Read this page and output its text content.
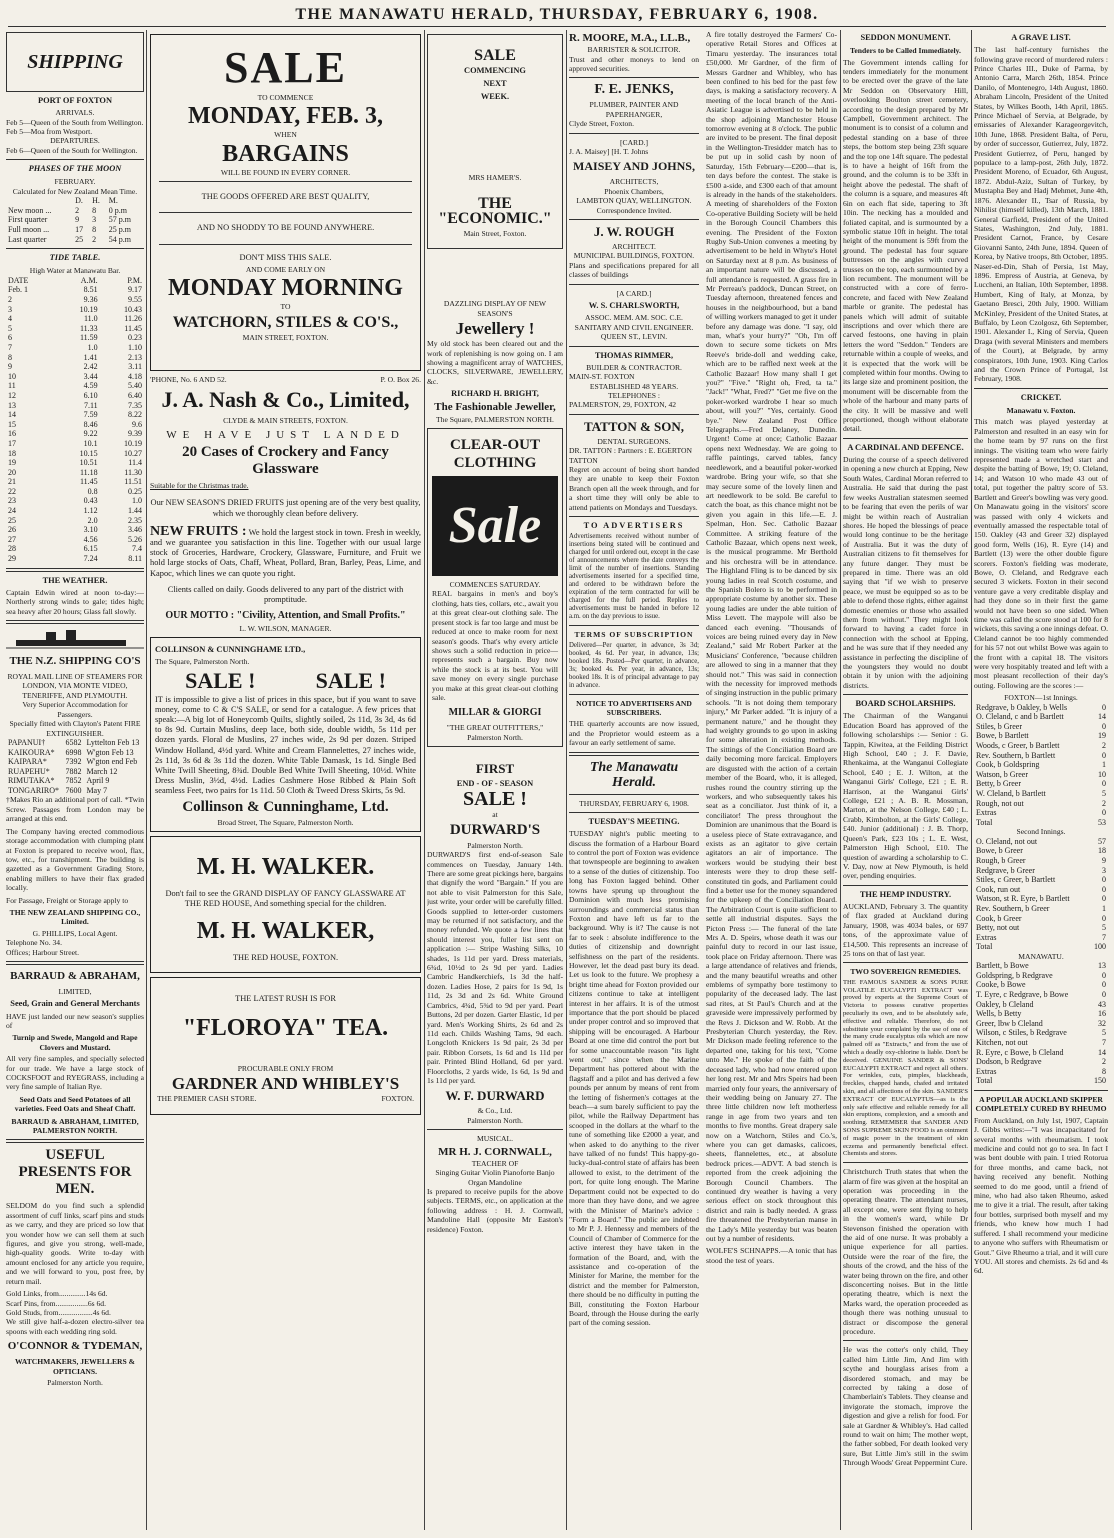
THE MANAWATU HERALD, THURSDAY, FEBRUARY 6, 1908.
SHIPPING
PORT OF FOXTON
ARRIVALS.
Feb 5—Queen of the South from Wellington.
Feb 5—Moa from Westport.
DEPARTURES.
Feb 6—Queen of the South for Wellington.
PHASES OF THE MOON
FEBRUARY.
Calculated for New Zealand Mean Time.
	D.	H.	M.
New moon ...	2	8	0 p.m
First quarter	9	3	57 p.m
Full moon ...	17	8	25 p.m
Last quarter	25	2	54 p.m
TIDE TABLE.
High Water at Manawatu Bar.
DATE	A.M.	P.M.
Feb. 1	8.51	9.17
2	9.36	9.55
3	10.19	10.43
4	11.0	11.26
5	11.33	11.45
6	11.59	0.23
7	1.0	1.10
8	1.41	2.13
9	2.42	3.11
10	3.44	4.18
11	4.59	5.40
12	6.10	6.40
13	7.11	7.35
14	7.59	8.22
15	8.46	9.6
16	9.22	9.39
17	10.1	10.19
18	10.15	10.27
19	10.51	11.4
20	11.18	11.30
21	11.45	11.51
22	0.8	0.25
23	0.43	1.0
24	1.12	1.44
25	2.0	2.35
26	3.10	3.46
27	4.56	5.26
28	6.15	7.4
29	7.24	8.11
THE WEATHER.

Captain Edwin wired at noon to-day:— Northerly strong winds to gale; tides high; sea heavy after 20 hours; Glass fall slowly.

THE N.Z. SHIPPING CO'S
ROYAL MAIL LINE OF STEAMERS FOR LONDON, VIA MONTE VIDEO, TENERIFFE, AND PLYMOUTH.
Very Superior Accommodation for Passengers.
Specially fitted with Clayton's Patent FIRE EXTINGUISHER.
PAPANUI†	6582	Lyttelton Feb 13
KAIKOURA*	6998	W'gton Feb 13
KAIPARA*	7392	W'gton end Feb
RUAPEHU*	7882	March 12
RIMUTAKA*	7852	April 9
TONGARIRO*	7600	May 7

†Makes Rio an additional port of call. *Twin Screw. Passages from London may be arranged at this end.

The Company having erected commodious storage accommodation with clumping plant at Foxton is prepared to receive wool, flax, tow, etc., for transhipment. The building is gazetted as a Government Grading Store, enabling millers to have their flax graded locally.

For Passage, Freight or Storage apply to

THE NEW ZEALAND SHIPPING CO., Limited.
G. PHILLIPS, Local Agent.
Telephone No. 34.
Offices; Harbour Street.
BARRAUD & ABRAHAM,
LIMITED,
Seed, Grain and General Merchants

HAVE just landed our new season's supplies of

Turnip and Swede, Mangold and Rape Clovers and Mustard.

All very fine samples, and specially selected for our trade. We have a large stock of COCKSFOOT and RYEGRASS, including a very fine sample of Italian Rye.

Seed Oats and Seed Potatoes of all varieties. Feed Oats and Sheaf Chaff.
BARRAUD & ABRAHAM, LIMITED, PALMERSTON NORTH.
USEFUL PRESENTS FOR MEN.

SELDOM do you find such a splendid assortment of cuff links, scarf pins and studs as we carry, and they are priced so low that you wonder how we can sell them at such figures, and give you strong, well-made, high-quality goods. Write to-day with amount enclosed for any article you require, and we will forward to you, post free, by return mail.

Gold Links, from..............14s 6d.
Scarf Pins, from.................6s 6d.
Gold Studs, from..................4s 6d.

We still give half-a-dozen electro-silver tea spoons with each wedding ring sold.

O'CONNOR & TYDEMAN,
WATCHMAKERS, JEWELLERS & OPTICIANS.
Palmerston North.
SALE
TO COMMENCE
MONDAY, FEB. 3,
WHEN
BARGAINS
WILL BE FOUND IN EVERY CORNER.
THE GOODS OFFERED ARE BEST QUALITY,
AND NO SHODDY TO BE FOUND ANYWHERE.
DON'T MISS THIS SALE.
AND COME EARLY ON
MONDAY MORNING
TO
WATCHORN, STILES & CO'S.,
MAIN STREET, FOXTON.
'PHONE, No. 6 AND 52.	P. O. Box 26.
J. A. Nash & Co., Limited,
CLYDE & MAIN STREETS, FOXTON.
WE HAVE JUST LANDED
20 Cases of Crockery and Fancy Glassware
Suitable for the Christmas trade.

Our NEW SEASON'S DRIED FRUITS just opening are of the very best quality, which we thoroughly clean before delivery.

NEW FRUITS : We hold the largest stock in town. Fresh in weekly, and we guarantee you satisfaction in this line. Together with our usual large stock of Groceries, Hardware, Crockery, Glassware, Furniture, and Fruit we hold large stocks of Oats, Chaff, Wheat, Pollard, Bran, Barley, Peas, Lime, and Kapoc, which lines we can quote you right.

Clients called on daily. Goods delivered to any part of the district with promptitude.

OUR MOTTO : "Civility, Attention, and Small Profits."
L. W. WILSON, MANAGER.
COLLINSON & CUNNINGHAME LTD.,
The Square, Palmerston North.
SALE !	SALE !

IT is impossible to give a list of prices in this space, but if you want to save money, come to C & C'S SALE, or send for a catalogue. A few prices that speak:—A big lot of Honeycomb Quilts, slightly soiled, 2s 11d, 3s 3d, 4s 6d to 8s 9d. Curtain Muslins, deep lace, both side, double width, 5s 11d per dozen yards. Floral de Muslins, 27 inches wide, 2s 9d per dozen. Striped Window Holland, 4½d yard. White and Cream Flannelettes, 27 inches wide, 2s 11d, 3s 6d & 3s 11d the dozen. White Table Damask, 1s 1d. Single Bed White Twill Sheeting, 8¾d. Double Bed White Twill Sheeting, 10½d. White Dress Muslin, 3½d, 4½d. Ladies Cashmere Hose Ribbed & Plain Soft seamless Feet, two pairs for 1s 11d. 50 Cloth & Tweed Dress Skirts, 5s 9d.

Collinson & Cunninghame, Ltd.
Broad Street, The Square, Palmerston North.
M. H. WALKER.

Don't fail to see the GRAND DISPLAY OF FANCY GLASSWARE AT THE RED HOUSE, And something special for the children.

M. H. WALKER,
THE RED HOUSE, FOXTON.
THE LATEST RUSH IS FOR
"FLOROYA" TEA.
PROCURABLE ONLY FROM
GARDNER AND WHIBLEY'S
THE PREMIER CASH STORE.	FOXTON.
SALE
COMMENCING
NEXT
WEEK.
MRS HAMER'S.
THE "ECONOMIC."
Main Street, Foxton.
DAZZLING DISPLAY OF NEW SEASON'S
Jewellery !

My old stock has been cleared out and the work of replenishing is now going on. I am showing a magnificent array of WATCHES, CLOCKS, SILVERWARE, JEWELLERY, &c.

RICHARD H. BRIGHT,
The Fashionable Jeweller,
The Square, PALMERSTON NORTH.
CLEAR-OUT CLOTHING
Sale
COMMENCES SATURDAY.

REAL bargains in men's and boy's clothing, hats ties, collars, etc., await you at this great clear-out clothing sale. The present stock is far too large and must be reduced at once to make room for next season's goods. That's why every article shows such a solid reduction in price—represents such a bargain. Buy now while the stock is at its best. You will save money on every single purchase you make at this great clear-out clothing sale.

MILLAR & GIORGI
"THE GREAT OUTFITTERS,"
Palmerston North.
FIRST
END - OF - SEASON
SALE !
at
DURWARD'S
Palmerston North.

DURWARD'S first end-of-season Sale commences on Tuesday, January 14th. There are some great pickings here, bargains that dignify the word "Bargain." If you are not able to visit Palmerston for this Sale, just write, your order will be carefully filled. Goods supplied to letter-order customers may be returned if not satisfactory, and the money refunded. We quote a few lines that should interest you, fuller list sent on application :— Stripe Washing Silks, 10 shades, 1s 11d per yard. Dress materials, 6¾d, 10½d to 2s 9d per yard. Ladies Cambric Handkerchiefs, 1s 3d the half-dozen. Ladies Hose, 2 pairs for 1s 9d, 1s 11d, 2s 3d and 2s 6d. White Ground Cambrics, 4¾d, 5¾d to 9d per yard. Pearl Buttons, 2d per dozen. Garter Elastic, 1d per yard. Men's Working Shirts, 2s 6d and 2s 11d each. Childs Washing Tams, 9d each. Longcloth Knickers 1s 9d pair, 2s 3d per pair. Ribbon Corsets, 1s 6d and 1s 11d per pair. Printed Blind Holland, 6d per yard. Floorcloths, 2 yards wide, 1s 6d, 1s 9d and 1s 11d per yard.

W. F. DURWARD
& Co., Ltd.
Palmerston North.
MUSICAL.
MR H. J. CORNWALL,
TEACHER OF
Singing Guitar Violin Pianoforte Banjo Organ Mandoline

Is prepared to receive pupils for the above subjects. TERMS, etc., on application at the following address : H. J. Cornwall, Mandoline Hall (opposite Mr Easton's residence) Foxton.

R. MOORE, M.A., LL.B.,
BARRISTER & SOLICITOR.

Trust and other moneys to lend on approved securities.

F. E. JENKS,
PLUMBER, PAINTER AND PAPERHANGER,
Clyde Street, Foxton.
[CARD.]
J. A. Maisey] [H. T. Johns
MAISEY AND JOHNS,
ARCHITECTS,
Phoenix Chambers,
LAMBTON QUAY, WELLINGTON.
Correspondence Invited.
J. W. ROUGH
ARCHITECT.
MUNICIPAL BUILDINGS, FOXTON.

Plans and specifications prepared for all classes of buildings

[A CARD.]
W. S. CHARLSWORTH,
ASSOC. MEM. AM. SOC. C.E.
SANITARY AND CIVIL ENGINEER.
QUEEN ST., LEVIN.
THOMAS RIMMER,
BUILDER & CONTRACTOR.
MAIN-ST. FOXTON
ESTABLISHED 48 YEARS.
TELEPHONES :
PALMERSTON, 29, FOXTON, 42
TATTON & SON,
DENTAL SURGEONS.
DR. TATTON : Partners : E. EGERTON TATTON

Regret on account of being short handed they are unable to keep their Foxton Branch open all the week through, and for a short time they will only be able to attend patients on Mondays and Tuesdays.

TO ADVERTISERS

Advertisements received without number of insertions being stated will be continued and charged for until ordered out, except in the case of announcements where the date conveys the limit of the number of insertions. Standing advertisements inserted for a specified time, and ordered to be withdrawn before the expiration of the term contracted for will be charged for the full period. Replies to advertisements must be handed in before 12 a.m. on the day previous to issue.

TERMS OF SUBSCRIPTION

Delivered—Per quarter, in advance, 3s 3d; booked, 4s 6d. Per year, in advance, 13s; booked 18s. Posted—Per quarter, in advance, 3s; booked 4s. Per year, in advance, 13s; booked 18s. It is of principal advantage to pay in advance.

NOTICE TO ADVERTISERS AND SUBSCRIBERS.

THE quarterly accounts are now issued, and the Proprietor would esteem as a favour an early settlement of same.

The Manawatu Herald.
THURSDAY, FEBRUARY 6, 1908.
TUESDAY'S MEETING.

TUESDAY night's public meeting to discuss the formation of a Harbour Board to control the port of Foxton was evidence that townspeople are beginning to awaken to a sense of the duties of citizenship. Too long has Foxton lagged behind. Other towns have sprung up throughout the Dominion with much less promising surroundings and commercial status than Foxton and have left us far to the background. Why is it? The cause is not far to seek : absolute indifference to the duties of citizenship and downright selfishness on the part of the residents. However, let the dead past bury its dead. Let us look to the future. We prophesy a bright time ahead for Foxton provided our citizens continue to take at intelligent interest in her affairs. It is of the utmost importance that the port should be placed under proper control and so improved that shipping will be encouraged. A Harbour Board at one time did control the port but for some unaccountable reason "its light went out," since when the Marine Department has pottered about with the flagstaff and a pilot and has derived a few pounds per annum by means of rent from the letting of fishermen's cottages at the beach—a sum barely sufficient to pay the pilot, while the Railway Department has scooped in the dollars at the wharf to the tune of something like £2000 a year, and when asked to do anything to the river have talked of no funds! This happy-go-lucky-dual-control state of affairs has been allowed to exist, to the detriment of the port, for quite long enough. The Marine Department could not be expected to do more than they have done, and we agree with the Minister of Marine's advice : "Form a Board." The public are indebted to Mr P. J. Hennessy and members of the Council of Chamber of Commerce for the active interest they have taken in the formation of the Board, and, with the assistance and co-operation of the Minister for Marine, the member for the district and the member for Palmerston, there should be no difficulty in putting the Bill, constituting the Foxton Harbour Board, through the House during the early part of the coming session.

A fire totally destroyed the Farmers' Co-operative Retail Stores and Offices at Timaru yesterday. The insurances total £50,000. Mr Gardner, of the firm of Messrs Gardner and Whibley, who has been confined to his bed for the past few days, is making a satisfactory recovery. A meeting of the local branch of the Anti-Asiatic League is advertised to be held in the shop adjoining Manchester House tomorrow evening at 8 o'clock. The public are invited to be present. The final deposit in the Wellington-Tresidder match has to be put up in solid cash by noon of Saturday, 15th February—£200—that is, ten days before the contest. The stake is £500 a-side, and £300 each of that amount is already in the hands of the stakeholders. A meeting of shareholders of the Foxton Co-operative Building Society will be held in the Borough Council Chambers this evening. The President of the Foxton Rugby Sub-Union convenes a meeting by advertisement to be held in Whyte's Hotel on Saturday next at 8 p.m. As business of an important nature will be discussed, a full attendance is requested. A grass fire in Mr Perreau's paddock, Duncan Street, on Tuesday afternoon, threatened fences and houses in the neighbourhood, but a band of willing workers managed to get it under before any damage was done. "I say, old man, what's your hurry?" "Oh, I'm off down to secure some tickets on Mrs Reeve's bride-doll and wedding cake, which are to be raffled next week at the Catholic Bazaar! How many shall I get you?" "Five." "Right oh, Fred, ta ta." "Jack!" "What, Fred?" "Get me five on the poker-worked wardrobe I hear so much about, will you?" "Yes, certainly. Good bye." New Zealand Post Office Telegraphs.—Fred Delaney, Dunedin. Urgent! Come at once; Catholic Bazaar opens next Wednesday. We are going to raffle paintings, carved tables, fancy needlework, and a beautiful poker-worked wardrobe. Bring your wife, so that she may secure some of the lovely linen and art needlework to be sold. Be careful to catch the boat, as this chance might not be given you again in this life.—E. J. Spelman, Hon. Sec. Catholic Bazaar Committee. A striking feature of the Catholic Bazaar, which opens next week, is the musical programme. Mr Berthold and his orchestra will be in attendance. The Highland Fling is to be danced by six young ladies in real Scotch costume, and the Spanish Bolero is to be performed in appropriate costume by another six. These young ladies are under the able tuition of Miss Levett. The maypole will also be danced each evening. "Thousands of voices are being ruined every day in New Zealand," said Mr Robert Parker at the Musicians' Conference, "because children are allowed to sing in a manner that they should not." This was said in connection with the necessity for improved methods of singing instruction in the public primary schools. "It is not doing them temporary injury," Mr Parker added. "It is injury of a permanent nature," and he thought they had weighty grounds to go upon in asking for some alteration in existing methods. The sittings of the Conciliation Board are daily becoming more farcical. Employers are disgusted with the action of a certain member of the Board, who, it is alleged, rushes round the country stirring up the workers, and who subsequently takes his seat as a conciliator. Just think of it, a conciliator! The press throughout the Dominion are unanimous that the Board is a useless piece of State extravagance, and exists as an agitator to give certain agitators an air of importance. The workers would be studying their best interests were they to drop these self-constituted tin gods, and Parliament could find a better use for the money squandered for the upkeep of the Conciliation Board. The Arbitration Court is quite sufficient to settle all industrial disputes. Says the Picton Press :— The funeral of the late Mrs A. D. Speirs, whose death it was our painful duty to record in our last issue, took place on Friday afternoon. There was a large attendance of relatives and friends, and the many beautiful wreaths and other emblems of sympathy bore testimony to popularity of the deceased lady. The last sad rites, at St Paul's Church and at the graveside were impressively performed by the Revs J. Dickson and W. Robb. At the Presbyterian Church yesterday, the Rev. Mr Dickson made feeling reference to the departed one, taking for his text, "Come unto Me." He spoke of the faith of the deceased lady, who had now entered upon her long rest. Mr and Mrs Speirs had been married only four years, the anniversary of their wedding being on January 27. The three little children now left motherless range in age from two years and ten months to five months. Great drapery sale now on a Watchorn, Stiles and Co.'s, where you can get damasks, calicoes, sheets, flannelettes, etc., at absolute bedrock prices.—ADVT. A bad stench is reported from the creek adjoining the Borough Council Chambers. The continued dry weather is having a very serious effect on stock throughout this district and rain is badly needed. A grass fire threatened the Presbyterian manse in the Lady's Mile yesterday but was beaten out by a number of residents.

WOLFE'S SCHNAPPS.—A tonic that has stood the test of years.

SEDDON MONUMENT.
Tenders to be Called Immediately.

The Government intends calling for tenders immediately for the monument to be erected over the grave of the late Mr Seddon on Observatory Hill, overlooking Boulton street cemetery, according to the design prepared by Mr Campbell, Government architect. The monument is to consist of a column and pedestal standing on a base of three steps, the bottom step being 23ft square and the top one 14ft square. The pedestal is to have a height of 16ft from the ground, and the column is to be 33ft in height above the pedestal. The shaft of the column is a square, and measures 4ft 6in on each flat side, tapering to 3ft 10in. The necking has a moulded and foliated capital, and is surmounted by a symbolic statue 10ft in height. The total height of the monument is 59ft from the ground. The pedestal has four square buttresses on the angles with curved trusses on the top, each surmounted by a lion recumbent. The monument will be constructed with a core of ferro-concrete, and faced with New Zealand marble or granite. The pedestal has panels which will admit of suitable inscriptions and over which there are carved festoons, one having in plain letters the word "Seddon." Tenders are returnable within a couple of weeks, and it is expected that the work will be completed within four months. Owing to its large size and prominent position, the monument will be discernable from the whole of the harbour and many parts of the city. It will be massive and well proportioned, though without elaborate detail.

A CARDINAL AND DEFENCE.

During the course of a speech delivered in opening a new church at Epping, New South Wales, Cardinal Moran referred to Australia. He said that during the past few weeks Australian statesmen seemed to be fearing that even the perils of war might be within reach of Australian shores. He hoped the blessings of peace would long continue to be the heritage of Australia. But it was the duty of Australian citizens to fit themselves for any future danger. They must be prepared in time. There was an old saying that "if we wish to preserve peace, we must be equipped so as to be able to defend those rights, either against domestic enemies or those who assailed them from without." They might look forward to having a cadet force in connection with the school at Epping, and he was sure that if they needed any assistance in perfecting the discipline of the youngsters they would no doubt obtain it by union with the adjoining districts.

BOARD SCHOLARSHIPS.

The Chairman of the Wanganui Education Board has approved of the following scholarships :— Senior : G. Tappin, Kiwitea, at the Feilding District High School, £40 ; J. F. Davie, Rhenkaima, at the Wanganui Collegiate School, £40 ; E. J. Wilton, at the Wanganui Girls' College, £21 ; E. R. Harrison, at the Wanganui Girls' College, £21 ; A. B. R. Mossman, Marton, at the Nelson College, £40 ; L. Crabb, Kimbolton, at the Girls' College, £40. Junior (additional) : J. B. Thorp, Queen's Park, £23 10s ; L. E. West, Palmerston High School, £10. The question of awarding a scholarship to C. V. Day, now at New Plymouth, is held over, pending enquiries.

THE HEMP INDUSTRY.

AUCKLAND, February 3. The quantity of flax graded at Auckland during January, 1908, was 4034 bales, or 697 tons, of the approximate value of £14,500. This represents an increase of 25 tons on that of last year.

TWO SOVEREIGN REMEDIES.

THE FAMOUS SANDER & SONS PURE VOLATILE EUCALYPTI EXTRACT was proved by experts at the Supreme Court of Victoria to possess curative properties peculiarly its own, and to be absolutely safe, effective and reliable. Therefore, do not substitute your complaint by the use of one of the many crude eucalyptus oils which are now palmed off as "Extracts," and from the use of which a deadly oxy-chlorine is liable. Don't be deceived. GENUINE SANDER & SONS' EUCALYPTI EXTRACT and reject all others. For wrinkles, cuts, pimples, blackheads, freckles, chapped hands, chafed and irritated skin, and all affections of the skin. SANDER'S EXTRACT OF EUCALYPTUS—as is the only safe effective and reliable remedy for all skin eruptions, complexion, and a smooth and soothing. REMEMBER that SANDER AND SONS SUPREME SKIN FOOD is an ointment of magic power in the treatment of skin eczema and permanently beneficial effect. Chemists and stores.

Christchurch Truth states that when the alarm of fire was given at the hospital an operation was proceeding in the operating theatre. The attendant nurses, all except one, were sent flying to help in the women's ward, while Dr Stevenson finished the operation with the aid of one nurse. It was probably a unique experience for all parties. Outside were the roar of the fire, the shouts of the crowd, and the hiss of the water being thrown on the fire, and other disconcerting noises. But in the little operating theatre, which is next the Marks ward, the operation proceeded as though there was nothing unusual to distract or discompose the general procedure.

He was the cotter's only child, They called him Little Jim, And Jim with scythe and hourglass arises from a disordered stomach, and may be corrected by taking a dose of Chamberlain's Tablets. They cleanse and invigorate the stomach, improve the digestion and give a relish for food. For sale at Gardner & Whibley's. Had called round to wait on him; The mother wept, the father sobbed, For death looked very sure, But Little Jim's still in the swim Through Woods' Great Peppermint Cure.

A GRAVE LIST.

The last half-century furnishes the following grave record of murdered rulers : Prince Charles III., Duke of Parma, by Antonio Carra, March 26th, 1854. Prince Danilo, of Montenegro, 14th August, 1860. Abraham Lincoln, President of the United States, by Wilkes Booth, 14th April, 1865. Prince Michael of Servia, at Belgrade, by emissaries of Alexander Karageorgevitch, 10th June, 1868. President Balta, of Peru, by order of successor, Gutierrez, July, 1872. President Gutierrez, of Peru, hanged by populace to a lamp-post, 26th July, 1872. President Moreno, of Ecuador, 6th August, 1872. Abdul-Aziz, Sultan of Turkey, by Mustapha Bey and Hadj Mehmet, June 4th, 1876. Alexander II., Tsar of Russia, by Nihilist (himself killed), 13th March, 1881. General Garfield, President of the United States, Washington, 2nd July, 1881. President Carnot, France, by Cesare Giovanni Santo, 24th June, 1894. Queen of Korea, by Native troops, 8th October, 1895. Naser-ed-Din, Shah of Persia, 1st May, 1896. Empress of Austria, at Geneva, by Luccheni, an Italian, 10th September, 1898. Humbert, King of Italy, at Monza, by Gaetano Bresci, 20th July, 1900. William McKinley, President of the United States, at Buffalo, by Leon Czolgosz, 6th September, 1901. Alexander I., King of Servia, Queen Draga (with several Ministers and members of the Court), at Belgrade, by army conspirators, 10th June, 1903. King Carlos and the Crown Prince of Portugal, 1st February, 1908.

CRICKET.
Manawatu v. Foxton.

This match was played yesterday at Palmerston and resulted in an easy win for the home team by 97 runs on the first innings. The visiting team who were fairly represented made a wretched start and despite the batting of Bowe, 19; O. Cleland, 14; and Watson 10 who made 43 out of total, put together the paltry score of 53. Bartlett and Greer's bowling was very good. On Manawatu going in the visitors' score was passed with only 4 wickets and eventually amassed the respectable total of 150. Oakley (43 and Greer 32) displayed good form, Wells (16), R. Eyre (14) and Bartlett (13) were the other double figure scorers. Foxton's fielding was moderate, Bowe, O. Cleland, and Redgrave each secured 3 wickets. Foxton in their second venture gave a very creditable display and had they done so in their first the game would not have been so one sided. When time was called the score stood at 100 for 8 wickets, this saving a one innings defeat. O. Cleland cannot be too highly commended for his 57 not out whilst Bowe was again to the front with a capital 18. The visitors were very hospitably treated and left with a most pleasant recollection of their day's outing. Following are the scores :—

FOXTON—1st Innings.
Redgrave, b Oakley, b Wells	0
O. Cleland, c and b Bartlett	14
Stiles, b Greer	0
Bowe, b Bartlett	19
Woods, c Greer, b Bartlett	2
Rev. Southern, b Bartlett	0
Cook, b Goldspring	1
Watson, b Greer	10
Betty, b Greer	0
W. Cleland, b Bartlett	5
Rough, not out	2
Extras	0
Total	53
Second Innings.
O. Cleland, not out	57
Bowe, b Greer	18
Rough, b Greer	9
Redgrave, b Greer	3
Stiles, c Greer, b Bartlett	0
Cook, run out	0
Watson, st R. Eyre, b Bartlett	0
Rev. Southern, b Greer	1
Cook, b Greer	0
Betty, not out	5
Extras	7
Total	100
MANAWATU.
Bartlett, b Bowe	13
Goldspring, b Redgrave	0
Cooke, b Bowe	0
T. Eyre, c Redgrave, b Bowe	0
Oakley, b Cleland	43
Wells, b Betty	16
Greer, lbw b Cleland	32
Wilson, c Stiles, b Redgrave	5
Kitchen, not out	7
R. Eyre, c Bowe, b Cleland	14
Dodson, b Redgrave	2
Extras	8
Total	150
A POPULAR AUCKLAND SKIPPER COMPLETELY CURED BY RHEUMO

From Auckland, on July 1st, 1907, Captain J. Gibbs writes:—"I was incapacitated for several months with rheumatism. I took medicine and could not go to sea. In fact I was bent double with pain. I tried Rotorua for three months, and came back, not having received any benefit. Nothing seemed to do me good, until a friend of mine, who had also taken Rheumo, asked me to give it a trial. The result, after taking four bottles, surprised both myself and my friends, who knew how much I had suffered. I shall recommend your medicine to anyone who suffers with Rheumatism or Gout." Give Rheumo a trial, and it will cure YOU. All stores and chemists. 2s 6d and 4s 6d.
